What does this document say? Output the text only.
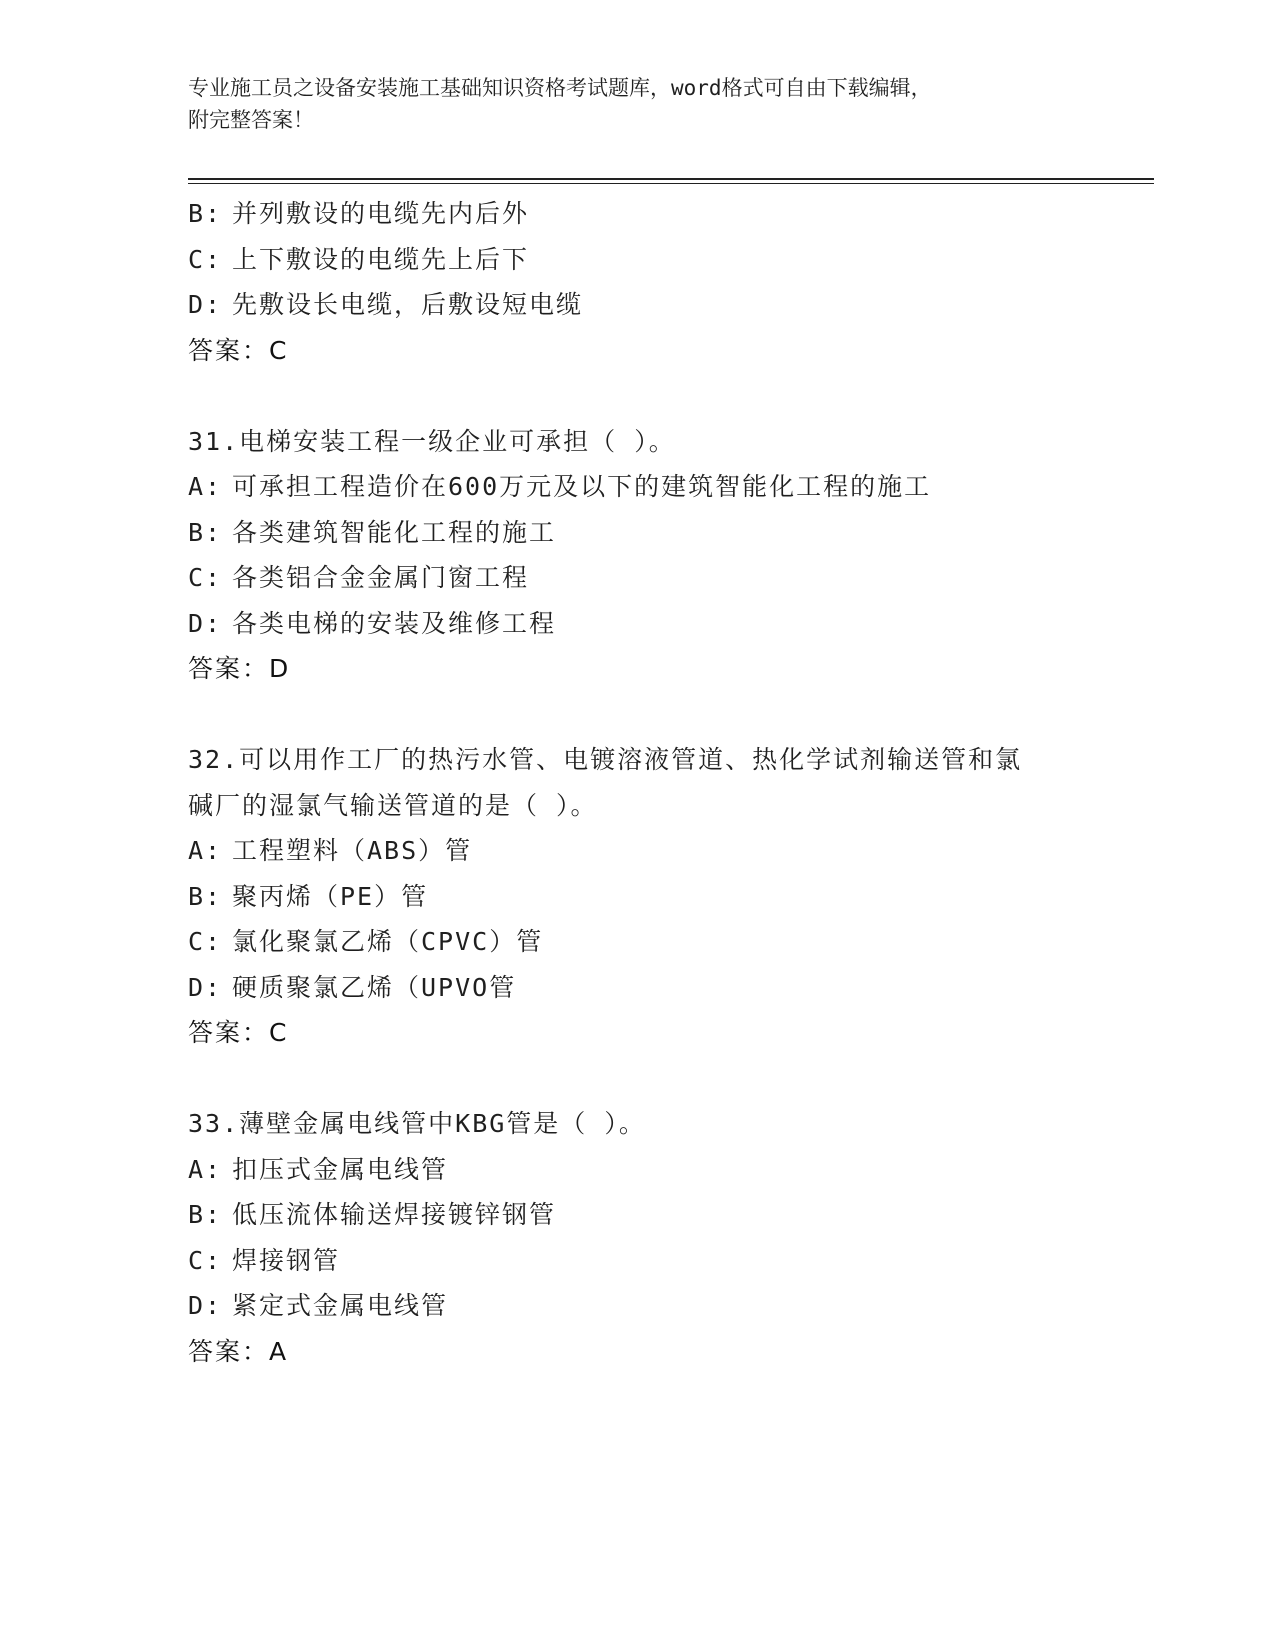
专业施工员之设备安装施工基础知识资格考试题库，word格式可自由下载编辑，
附完整答案！
B: 并列敷设的电缆先内后外
C: 上下敷设的电缆先上后下
D: 先敷设长电缆，后敷设短电缆
答案：C
31.电梯安装工程一级企业可承担（ ）。
A: 可承担工程造价在600万元及以下的建筑智能化工程的施工
B: 各类建筑智能化工程的施工
C: 各类铝合金金属门窗工程
D: 各类电梯的安装及维修工程
答案：D
32.可以用作工厂的热污水管、电镀溶液管道、热化学试剂输送管和氯
碱厂的湿氯气输送管道的是（ ）。
A: 工程塑料（ABS）管
B: 聚丙烯（PE）管
C: 氯化聚氯乙烯（CPVC）管
D: 硬质聚氯乙烯（UPVO管
答案：C
33.薄壁金属电线管中KBG管是（ ）。
A: 扣压式金属电线管
B: 低压流体输送焊接镀锌钢管
C: 焊接钢管
D: 紧定式金属电线管
答案：A
